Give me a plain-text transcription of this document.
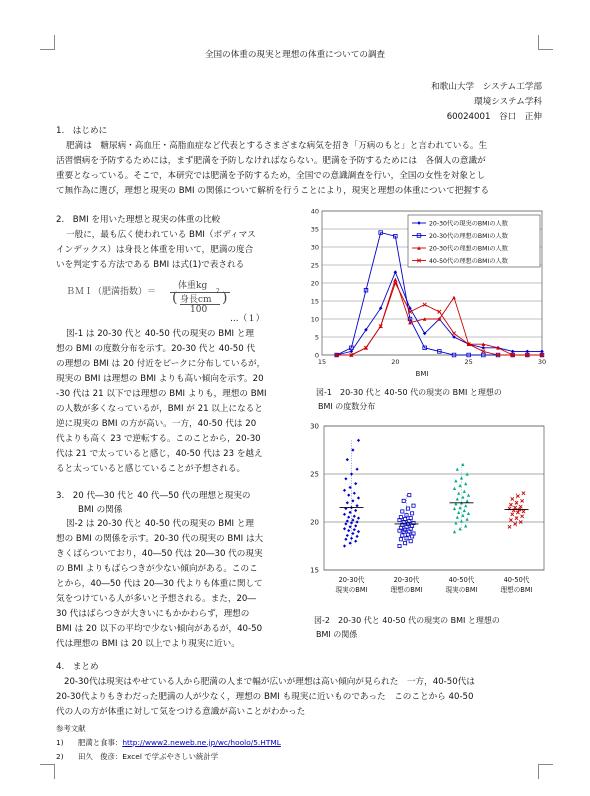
全国の体重の現実と理想の体重についての調査
和歌山大学　システム工学部
環境システム学科
60024001　谷口　正伸
1.　はじめに
肥満は　糖尿病・高血圧・高脂血症など代表とするさまざまな病気を招き「万病のもと」と言われている。生
活習慣病を予防するためには，まず肥満を予防しなければならない。肥満を予防するためには　各個人の意識が
重要となっている。そこで，本研究では肥満を予防するため，全国での意識調査を行い，全国の女性を対象とし
て無作為に選び，理想と現実の BMI の関係について解析を行うことにより，現実と理想の体重について把握する
2.　BMI を用いた理想と現実の体重の比較
一般に，最も広く使われている BMI（ボディマス
インデックス）は身長と体重を用いて，肥満の度合
いを判定する方法である BMI は式(1)で表される
ＢＭＩ（肥満指数）＝
体重kg
( 身長cm
2
100
)
…（１）
図-1 は 20-30 代と 40-50 代の現実の BMI と理
想の BMI の度数分布を示す。20-30 代と 40-50 代
の理想の BMI は 20 付近をピークに分布しているが，
現実の BMI は理想の BMI よりも高い傾向を示す。20
-30 代は 21 以下では理想の BMI よりも，理想の BMI
の人数が多くなっているが，BMI が 21 以上になると
逆に現実の BMI の方が高い。一方，40-50 代は 20
代よりも高く 23 で逆転する。このことから，20-30
代は 21 で太っていると感じ，40-50 代は 23 を越え
ると太っていると感じていることが予想される。
3.　20 代―30 代と 40 代―50 代の理想と現実の
BMI の関係
図-2 は 20-30 代と 40-50 代の現実の BMI と理
想の BMI の関係を示す。20-30 代の現実の BMI は大
きくばらついており，40―50 代は 20―30 代の現実
の BMI よりもばらつきが少ない傾向がある。このこ
とから，40―50 代は 20―30 代よりも体重に関して
気をつけている人が多いと予想される。また，20―
30 代はばらつきが大きいにもかかわらず，理想の
BMI は 20 以下の平均で少ない傾向があるが，40-50
代は理想の BMI は 20 以上でより現実に近い。
0
5
10
15
20
25
30
35
40
15	20	25	30
BMI
20-30代の現実のBMIの人数
20-30代の理想のBMIの人数
20-30代の理想のBMIの人数
40-50代の理想のBMIの人数
図-1　20-30 代と 40-50 代の現実の BMI と理想の
BMI の度数分布
15
20
25
30
20-30代
現実のBMI
20-30代
理想のBMI
40-50代
現実のBMI
40-50代
理想のBMI
図-2　20-30 代と 40-50 代の現実の BMI と理想の
BMI の関係
4.　まとめ
20-30代は現実はやせている人から肥満の人まで幅が広いが理想は高い傾向が見られた　一方，40-50代は
20-30代よりもきわだった肥満の人が少なく，理想の BMI も現実に近いものであった　このことから 40-50
代の人の方が体重に対して気をつける意識が高いことがわかった
参考文献
1) 肥満と食事：http://www2.neweb.ne.jp/wc/hoolo/5.HTML
2) 田久　俊彦：Excel で学ぶやさしい統計学
